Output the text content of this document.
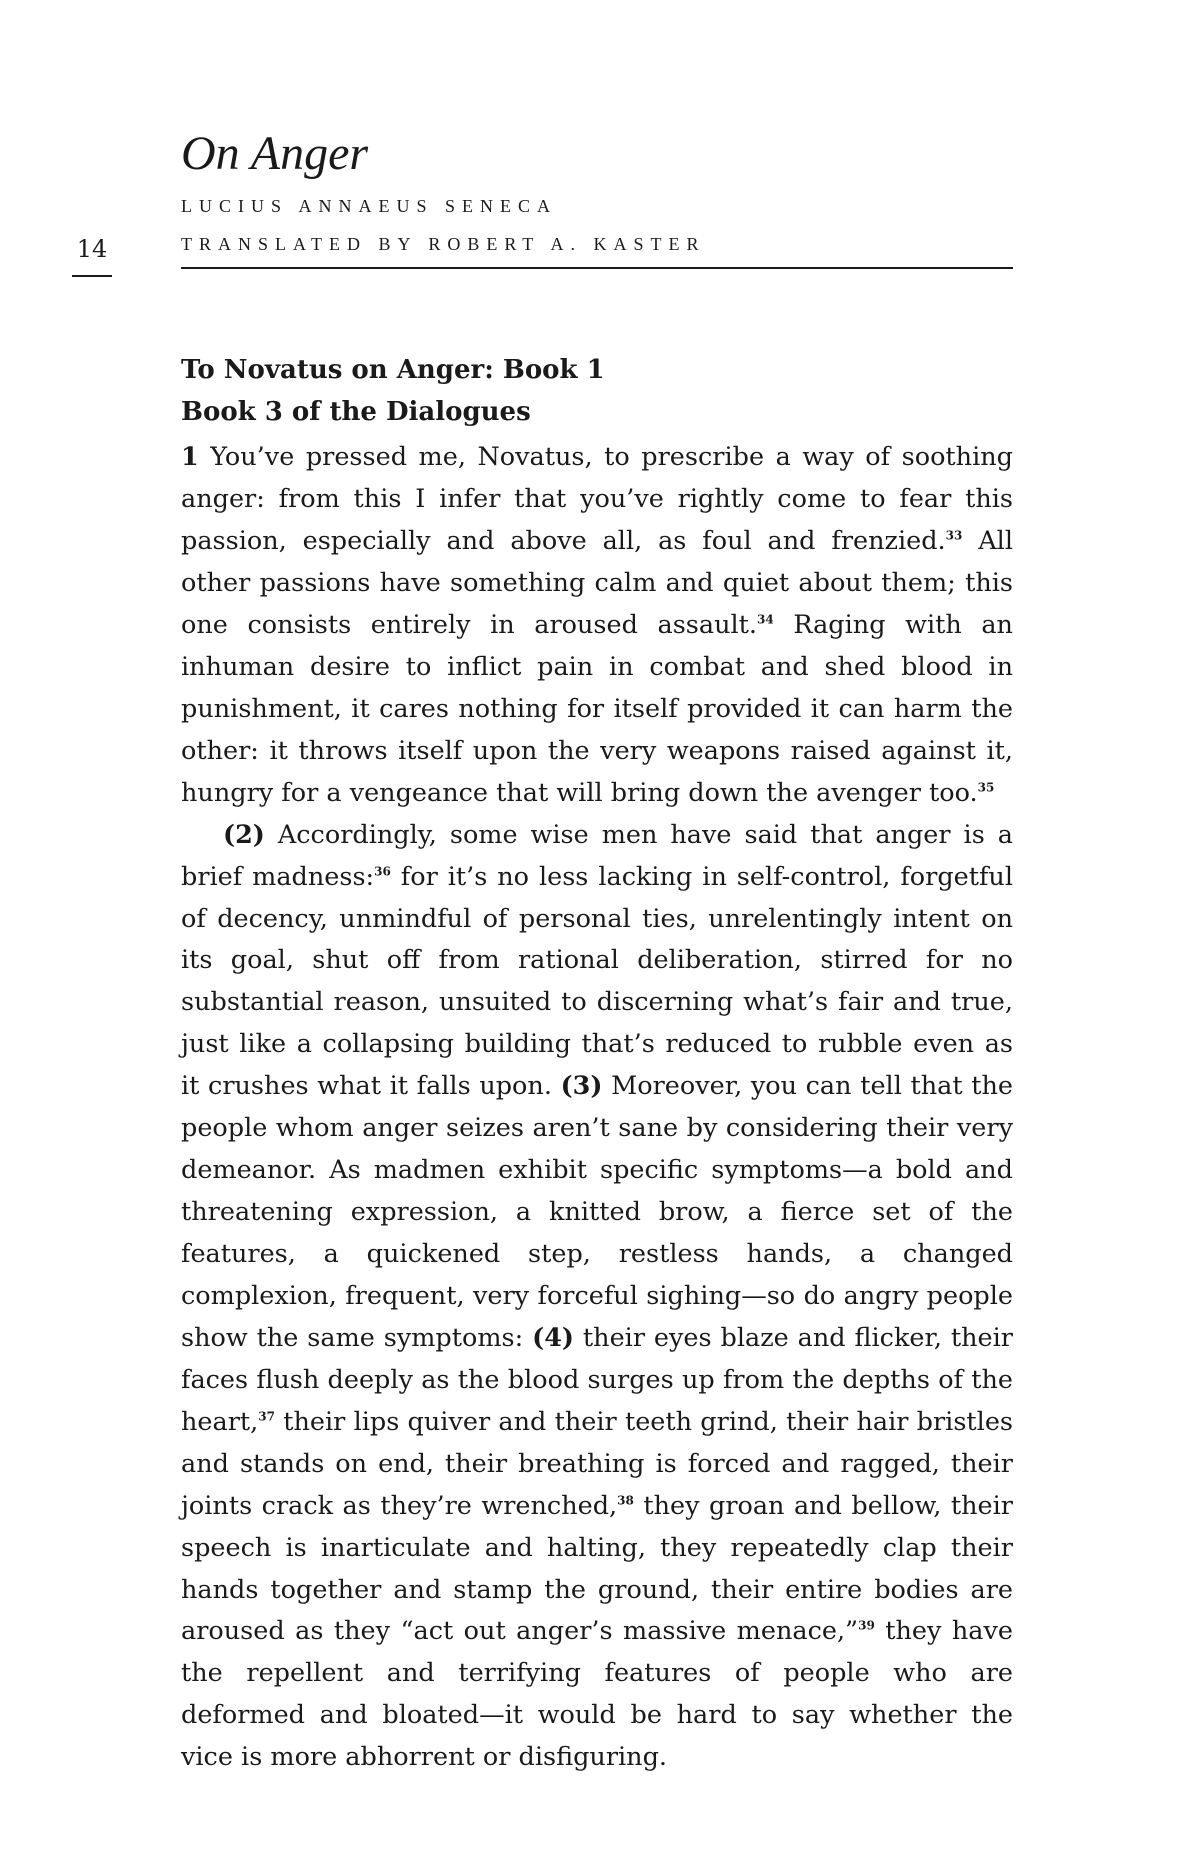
14
On Anger
LUCIUS ANNAEUS SENECA
TRANSLATED BY ROBERT A. KASTER
To Novatus on Anger: Book 1
Book 3 of the Dialogues

1 You’ve pressed me, Novatus, to prescribe a way of soothing anger: from this I infer that you’ve rightly come to fear this passion, especially and above all, as foul and frenzied.$^{33}$ All other passions have something calm and quiet about them; this one consists entirely in aroused assault.$^{34}$ Raging with an inhuman desire to inflict pain in combat and shed blood in punishment, it cares nothing for itself provided it can harm the other: it throws itself upon the very weapons raised against it, hungry for a vengeance that will bring down the avenger too.$^{35}$

(2) Accordingly, some wise men have said that anger is a brief madness:$^{36}$ for it’s no less lacking in self-control, forgetful of decency, unmindful of personal ties, unrelentingly intent on its goal, shut off from rational deliberation, stirred for no substantial reason, unsuited to discerning what’s fair and true, just like a collapsing building that’s reduced to rubble even as it crushes what it falls upon. (3) Moreover, you can tell that the people whom anger seizes aren’t sane by considering their very demeanor. As madmen exhibit specific symptoms—a bold and threatening expression, a knitted brow, a fierce set of the features, a quickened step, restless hands, a changed complexion, frequent, very forceful sighing—so do angry people show the same symptoms: (4) their eyes blaze and flicker, their faces flush deeply as the blood surges up from the depths of the heart,$^{37}$ their lips quiver and their teeth grind, their hair bristles and stands on end, their breathing is forced and ragged, their joints crack as they’re wrenched,$^{38}$ they groan and bellow, their speech is inarticulate and halting, they repeatedly clap their hands together and stamp the ground, their entire bodies are aroused as they “act out anger’s massive menace,”$^{39}$ they have the repellent and terrifying features of people who are deformed and bloated—it would be hard to say whether the vice is more abhorrent or disfiguring.
